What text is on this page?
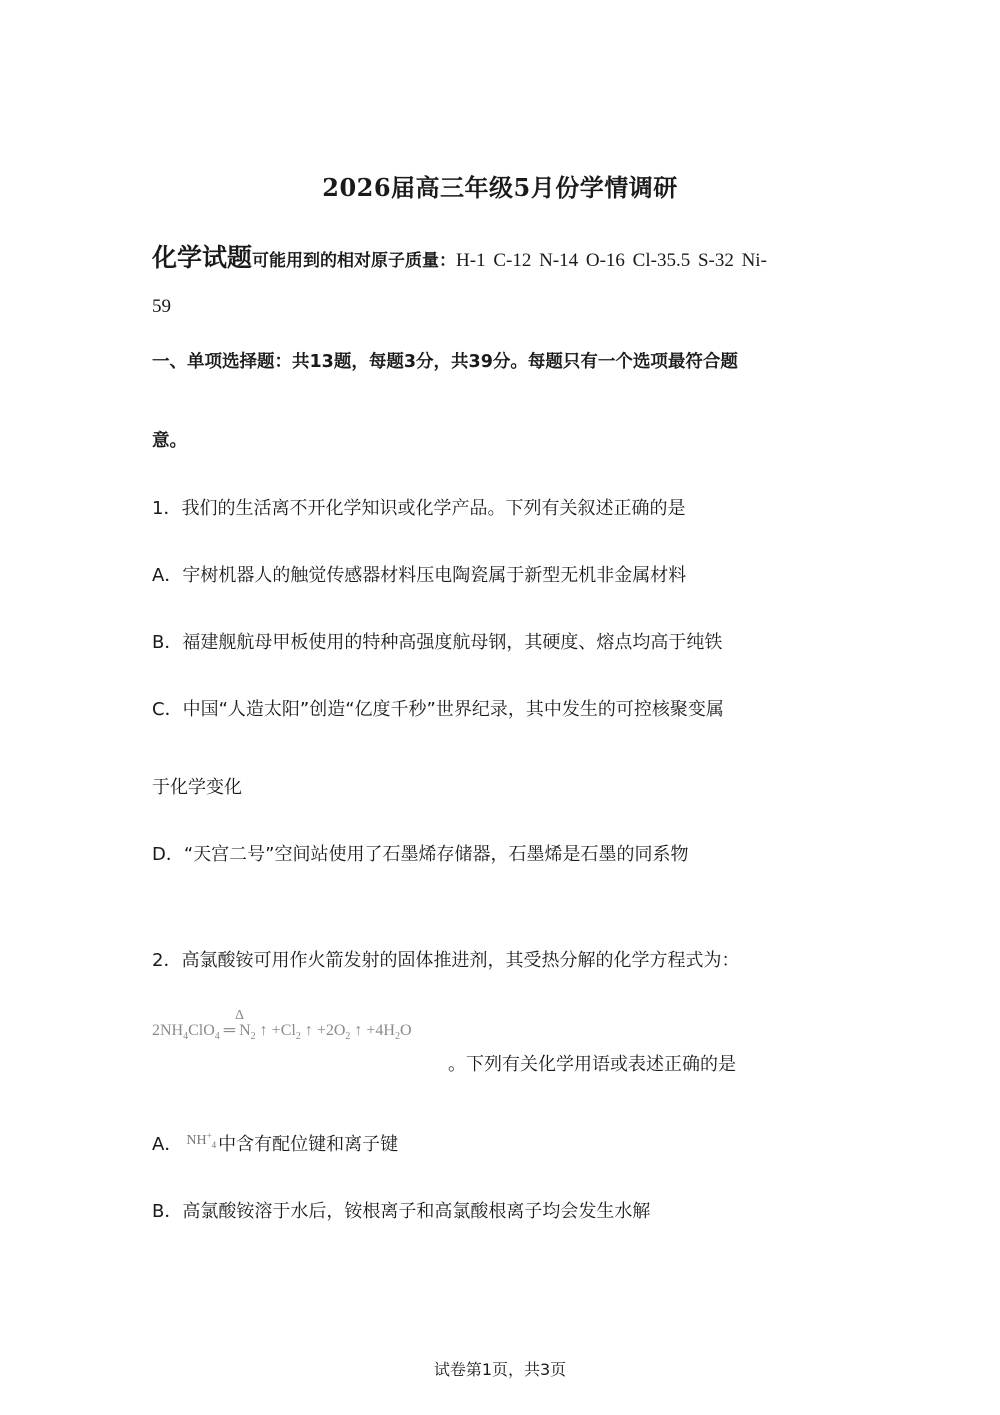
2026届高三年级5月份学情调研
化学试题可能用到的相对原子质量：H-1 C-12 N-14 O-16 Cl-35.5 S-32 Ni-
59
一、单项选择题：共13题，每题3分，共39分。每题只有一个选项最符合题
意。
1．我们的生活离不开化学知识或化学产品。下列有关叙述正确的是
A．宇树机器人的触觉传感器材料压电陶瓷属于新型无机非金属材料
B．福建舰航母甲板使用的特种高强度航母钢，其硬度、熔点均高于纯铁
C．中国“人造太阳”创造“亿度千秒”世界纪录，其中发生的可控核聚变属
于化学变化
D．“天宫二号”空间站使用了石墨烯存储器，石墨烯是石墨的同系物
2．高氯酸铵可用作火箭发射的固体推进剂，其受热分解的化学方程式为：
$2NH_4ClO_4$ ═ $N_2$ ↑ $+Cl_2$ ↑ $+2O_2$ ↑ $+4H_2O$
Δ
。下列有关化学用语或表述正确的是
A． $^{NH^+_4}$ 中含有配位键和离子键
B．高氯酸铵溶于水后，铵根离子和高氯酸根离子均会发生水解
试卷第1页，共3页
